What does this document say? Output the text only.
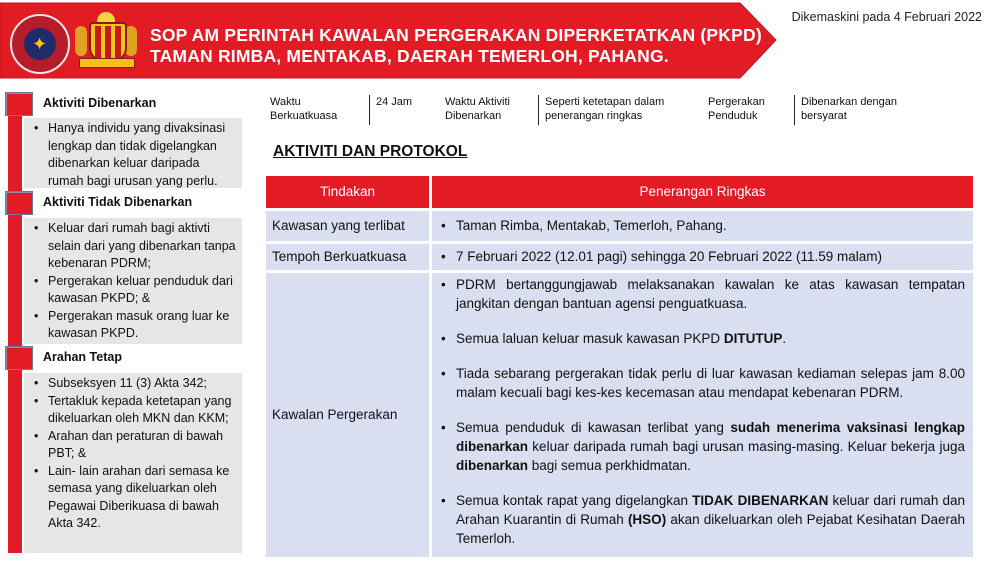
✦	SOP AM PERINTAH KAWALAN PERGERAKAN DIPERKETATKAN (PKPD)
TAMAN RIMBA, MENTAKAB, DAERAH TEMERLOH, PAHANG.
Dikemaskini pada 4 Februari 2022
Aktiviti Dibenarkan
• Hanya individu yang divaksinasi lengkap dan tidak digelangkan dibenarkan keluar daripada rumah bagi urusan yang perlu.
Aktiviti Tidak Dibenarkan
• Keluar dari rumah bagi aktivti selain dari yang dibenarkan tanpa kebenaran PDRM;
• Pergerakan keluar penduduk dari kawasan PKPD; &
• Pergerakan masuk orang luar ke kawasan PKPD.
Arahan Tetap
• Subseksyen 11 (3) Akta 342;
• Tertakluk kepada ketetapan yang dikeluarkan oleh MKN dan KKM;
• Arahan dan peraturan di bawah PBT; &
• Lain- lain arahan dari semasa ke semasa yang dikeluarkan oleh Pegawai Diberikuasa di bawah Akta 342.
Waktu Berkuatkuasa
24 Jam	Waktu Aktiviti Dibenarkan
Seperti ketetapan dalam penerangan ringkas
Pergerakan Penduduk
Dibenarkan dengan bersyarat
AKTIVITI DAN PROTOKOL
Tindakan	Penerangan Ringkas
Kawasan yang terlibat	• Taman Rimba, Mentakab, Temerloh, Pahang.
Tempoh Berkuatkuasa	• 7 Februari 2022 (12.01 pagi) sehingga 20 Februari 2022 (11.59 malam)
Kawalan Pergerakan

• PDRM bertanggungjawab melaksanakan kawalan ke atas kawasan tempatan jangkitan dengan bantuan agensi penguatkuasa.

• Semua laluan keluar masuk kawasan PKPD DITUTUP.

• Tiada sebarang pergerakan tidak perlu di luar kawasan kediaman selepas jam 8.00 malam kecuali bagi kes-kes kecemasan atau mendapat kebenaran PDRM.

• Semua penduduk di kawasan terlibat yang sudah menerima vaksinasi lengkap dibenarkan keluar daripada rumah bagi urusan masing-masing. Keluar bekerja juga dibenarkan bagi semua perkhidmatan.

• Semua kontak rapat yang digelangkan TIDAK DIBENARKAN keluar dari rumah dan Arahan Kuarantin di Rumah (HSO) akan dikeluarkan oleh Pejabat Kesihatan Daerah Temerloh.
